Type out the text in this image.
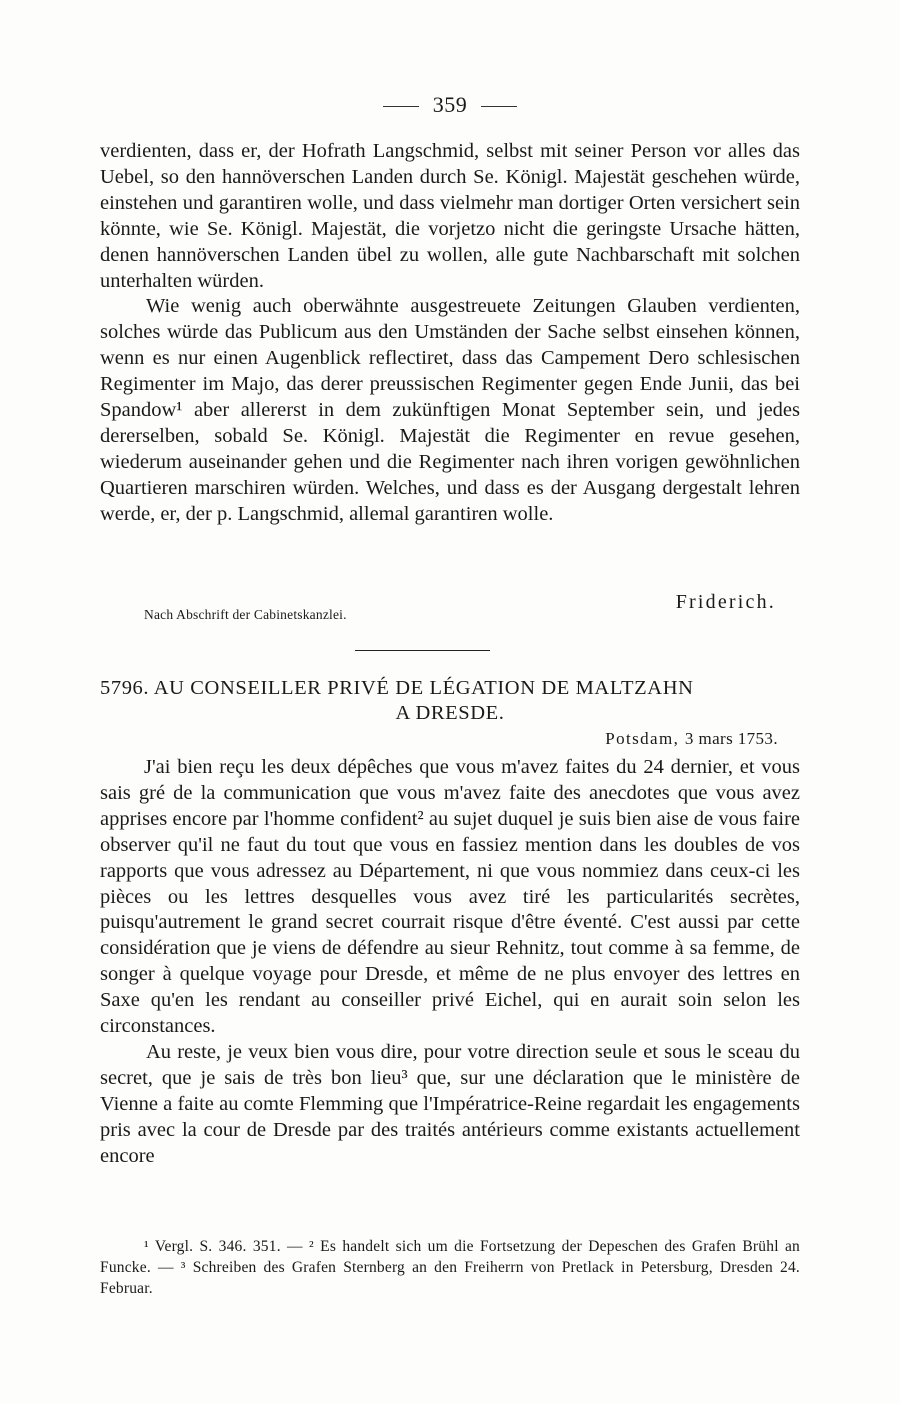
359

verdienten, dass er, der Hofrath Langschmid, selbst mit seiner Person vor alles das Uebel, so den hannöverschen Landen durch Se. Königl. Majestät geschehen würde, einstehen und garantiren wolle, und dass vielmehr man dortiger Orten versichert sein könnte, wie Se. Königl. Majestät, die vorjetzo nicht die geringste Ursache hätten, denen hannöverschen Landen übel zu wollen, alle gute Nachbarschaft mit solchen unterhalten würden.

Wie wenig auch oberwähnte ausgestreuete Zeitungen Glauben verdienten, solches würde das Publicum aus den Umständen der Sache selbst einsehen können, wenn es nur einen Augenblick reflectiret, dass das Campement Dero schlesischen Regimenter im Majo, das derer preussischen Regimenter gegen Ende Junii, das bei Spandow¹ aber allererst in dem zukünftigen Monat September sein, und jedes dererselben, sobald Se. Königl. Majestät die Regimenter en revue gesehen, wiederum auseinander gehen und die Regimenter nach ihren vorigen gewöhnlichen Quartieren marschiren würden. Welches, und dass es der Ausgang dergestalt lehren werde, er, der p. Langschmid, allemal garantiren wolle.

Friderich.
Nach Abschrift der Cabinetskanzlei.
5796. AU CONSEILLER PRIVÉ DE LÉGATION DE MALTZAHN
A DRESDE.
Potsdam, 3 mars 1753.

J'ai bien reçu les deux dépêches que vous m'avez faites du 24 dernier, et vous sais gré de la communication que vous m'avez faite des anecdotes que vous avez apprises encore par l'homme confident² au sujet duquel je suis bien aise de vous faire observer qu'il ne faut du tout que vous en fassiez mention dans les doubles de vos rapports que vous adressez au Département, ni que vous nommiez dans ceux-ci les pièces ou les lettres desquelles vous avez tiré les particularités secrètes, puisqu'autrement le grand secret courrait risque d'être éventé. C'est aussi par cette considération que je viens de défendre au sieur Rehnitz, tout comme à sa femme, de songer à quelque voyage pour Dresde, et même de ne plus envoyer des lettres en Saxe qu'en les rendant au conseiller privé Eichel, qui en aurait soin selon les circonstances.

Au reste, je veux bien vous dire, pour votre direction seule et sous le sceau du secret, que je sais de très bon lieu³ que, sur une déclaration que le ministère de Vienne a faite au comte Flemming que l'Impératrice-Reine regardait les engagements pris avec la cour de Dresde par des traités antérieurs comme existants actuellement encore

¹ Vergl. S. 346. 351. — ² Es handelt sich um die Fortsetzung der Depeschen des Grafen Brühl an Funcke. — ³ Schreiben des Grafen Sternberg an den Freiherrn von Pretlack in Petersburg, Dresden 24. Februar.
